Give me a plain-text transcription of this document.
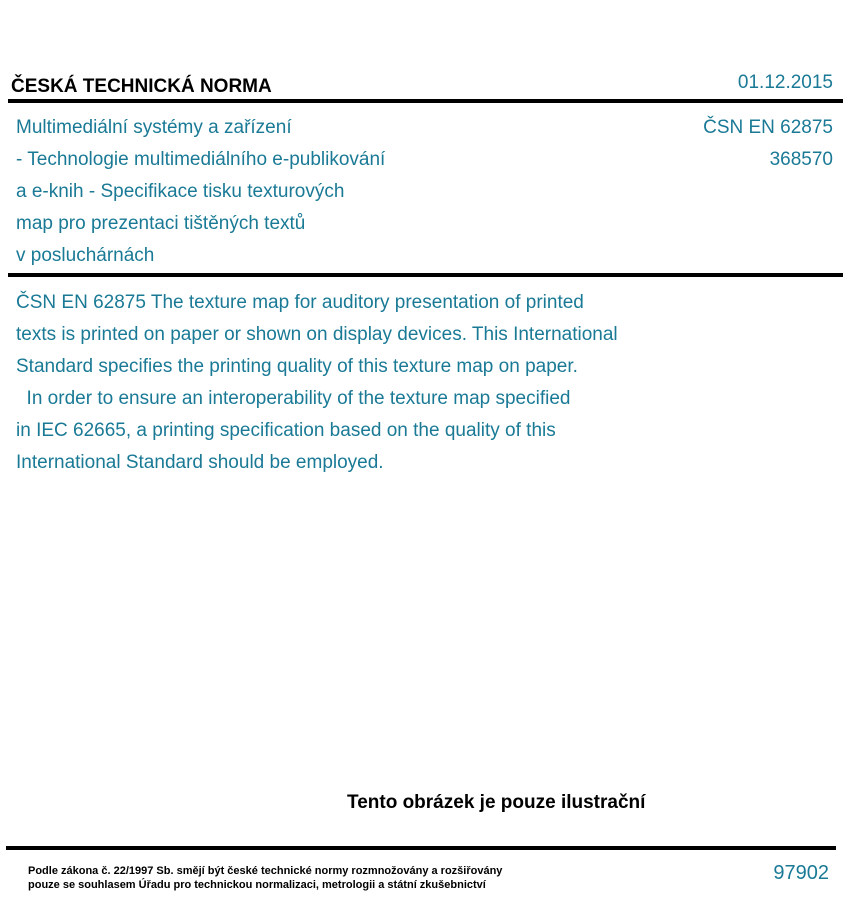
ČESKÁ TECHNICKÁ NORMA	01.12.2015
Multimediální systémy a zařízení
- Technologie multimediálního e-publikování
a e-knih - Specifikace tisku texturových
map pro prezentaci tištěných textů
v posluchárnách
ČSN EN 62875
368570
ČSN EN 62875 The texture map for auditory presentation of printed
texts is printed on paper or shown on display devices. This International
Standard specifies the printing quality of this texture map on paper.
In order to ensure an interoperability of the texture map specified
in IEC 62665, a printing specification based on the quality of this
International Standard should be employed.
Tento obrázek je pouze ilustrační
Podle zákona č. 22/1997 Sb. smějí být české technické normy rozmnožovány a rozšiřovány
pouze se souhlasem Úřadu pro technickou normalizaci, metrologii a státní zkušebnictví
97902
